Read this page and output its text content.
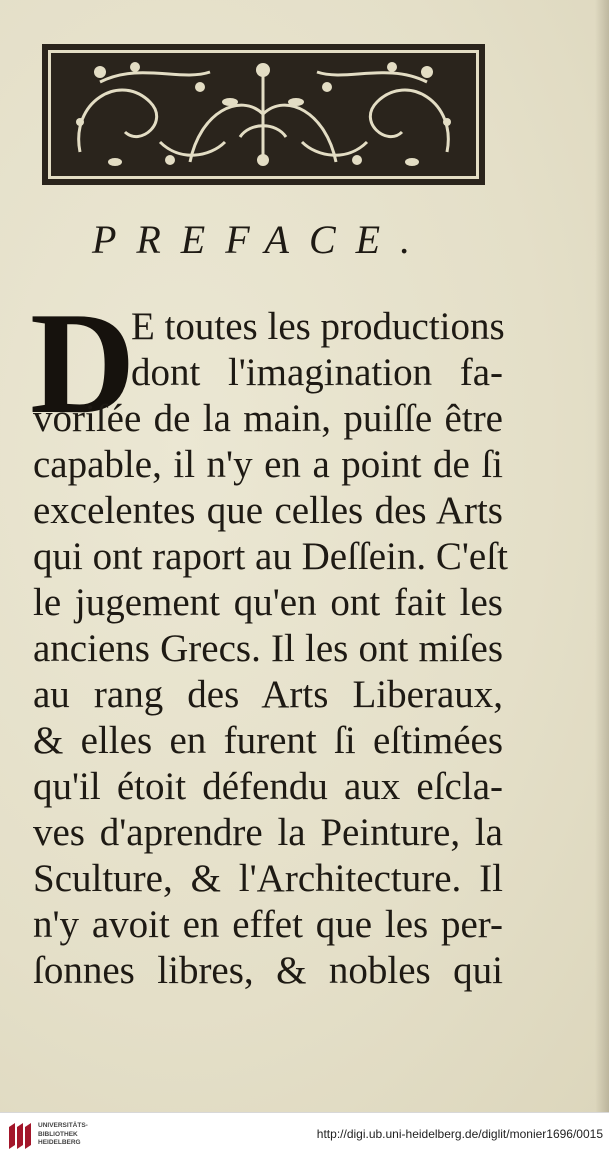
PREFACE.
D
E toutes les productions
dont l'imagination fa-
voriſée de la main, puiſſe être
capable, il n'y en a point de ſi
excelentes que celles des Arts
qui ont raport au Deſſein. C'eſt
le jugement qu'en ont fait les
anciens Grecs. Il les ont miſes
au rang des Arts Liberaux,
& elles en furent ſi eſtimées
qu'il étoit défendu aux eſcla-
ves d'aprendre la Peinture, la
Sculture, & l'Architecture. Il
n'y avoit en effet que les per-
ſonnes libres, & nobles qui
UNIVERSITÄTS-
BIBLIOTHEK
HEIDELBERG
http://digi.ub.uni-heidelberg.de/diglit/monier1696/0015
